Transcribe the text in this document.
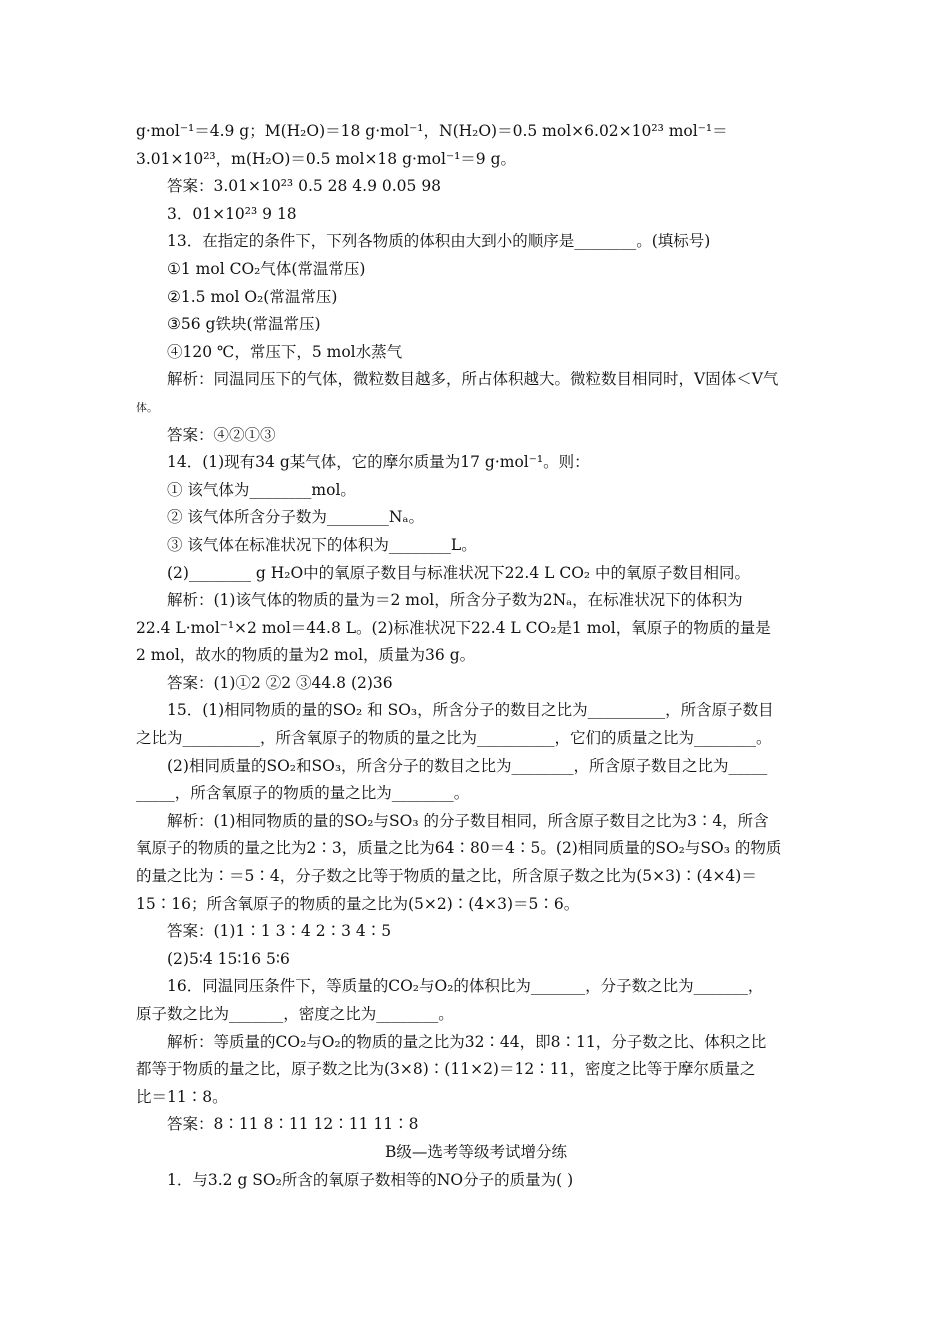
g·mol⁻¹＝4.9 g；M(H₂O)＝18 g·mol⁻¹，N(H₂O)＝0.5 mol×6.02×10²³ mol⁻¹＝
3.01×10²³，m(H₂O)＝0.5 mol×18 g·mol⁻¹＝9 g。
答案：3.01×10²³ 0.5 28 4.9 0.05 98
3．01×10²³ 9 18
13．在指定的条件下，下列各物质的体积由大到小的顺序是________。(填标号)
①1 mol CO₂气体(常温常压)
②1.5 mol O₂(常温常压)
③56 g铁块(常温常压)
④120 ℃，常压下，5 mol水蒸气
解析：同温同压下的气体，微粒数目越多，所占体积越大。微粒数目相同时，V固体＜V气
体。
答案：④②①③
14．(1)现有34 g某气体，它的摩尔质量为17 g·mol⁻¹。则：
① 该气体为________mol。
② 该气体所含分子数为________Nₐ。
③ 该气体在标准状况下的体积为________L。
(2)________ g H₂O中的氧原子数目与标准状况下22.4 L CO₂ 中的氧原子数目相同。
解析：(1)该气体的物质的量为＝2 mol，所含分子数为2Nₐ，在标准状况下的体积为
22.4 L·mol⁻¹×2 mol＝44.8 L。(2)标准状况下22.4 L CO₂是1 mol，氧原子的物质的量是
2 mol，故水的物质的量为2 mol，质量为36 g。
答案：(1)①2 ②2 ③44.8 (2)36
15．(1)相同物质的量的SO₂ 和 SO₃，所含分子的数目之比为__________，所含原子数目
之比为__________，所含氧原子的物质的量之比为__________，它们的质量之比为________。
(2)相同质量的SO₂和SO₃，所含分子的数目之比为________，所含原子数目之比为_____
_____，所含氧原子的物质的量之比为________。
解析：(1)相同物质的量的SO₂与SO₃ 的分子数目相同，所含原子数目之比为3∶4，所含
氧原子的物质的量之比为2∶3，质量之比为64∶80＝4∶5。(2)相同质量的SO₂与SO₃ 的物质
的量之比为∶＝5∶4，分子数之比等于物质的量之比，所含原子数之比为(5×3)∶(4×4)＝
15∶16；所含氧原子的物质的量之比为(5×2)∶(4×3)＝5∶6。
答案：(1)1∶1 3∶4 2∶3 4∶5
(2)5∶4 15∶16 5∶6
16．同温同压条件下，等质量的CO₂与O₂的体积比为_______，分子数之比为_______，
原子数之比为_______，密度之比为________。
解析：等质量的CO₂与O₂的物质的量之比为32∶44，即8∶11，分子数之比、体积之比
都等于物质的量之比，原子数之比为(3×8)∶(11×2)＝12∶11，密度之比等于摩尔质量之
比＝11∶8。
答案：8∶11 8∶11 12∶11 11∶8
B级—选考等级考试增分练
1．与3.2 g SO₂所含的氧原子数相等的NO分子的质量为( )
